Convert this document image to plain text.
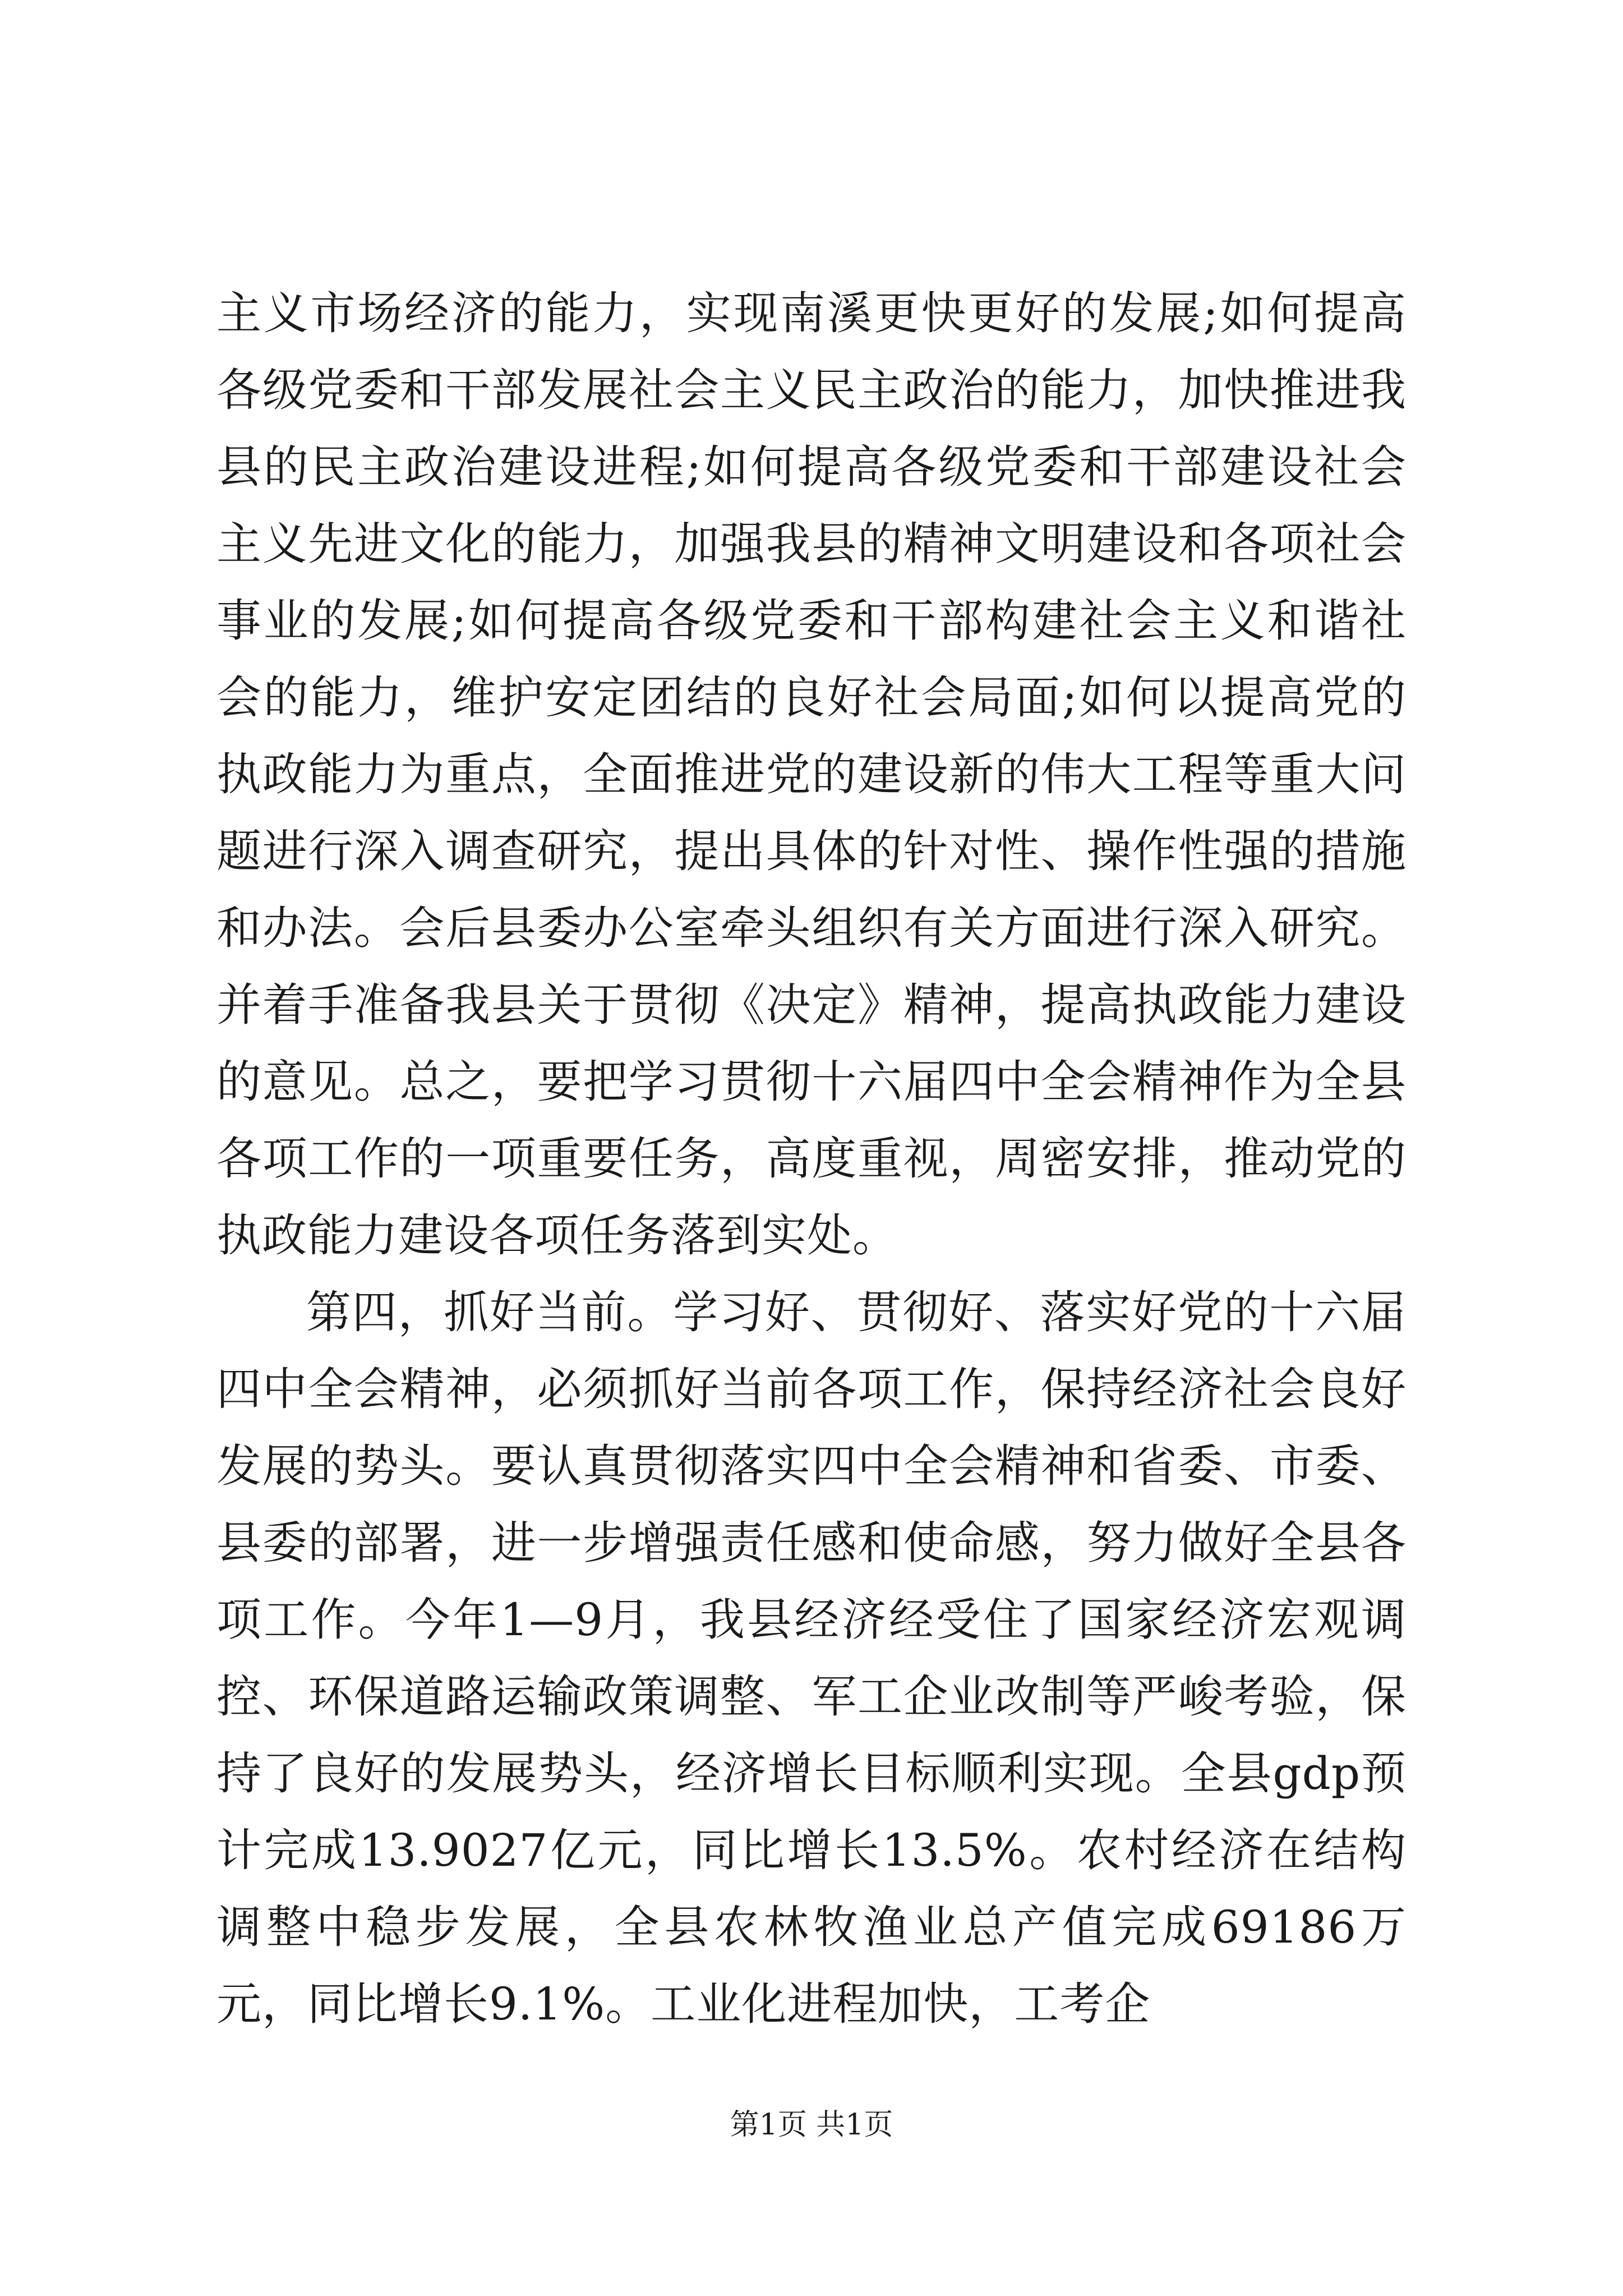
主义市场经济的能力，实现南溪更快更好的发展;如何提高各级党委和干部发展社会主义民主政治的能力，加快推进我县的民主政治建设进程;如何提高各级党委和干部建设社会主义先进文化的能力，加强我县的精神文明建设和各项社会事业的发展;如何提高各级党委和干部构建社会主义和谐社会的能力，维护安定团结的良好社会局面;如何以提高党的执政能力为重点，全面推进党的建设新的伟大工程等重大问题进行深入调查研究，提出具体的针对性、操作性强的措施和办法。会后县委办公室牵头组织有关方面进行深入研究。并着手准备我县关于贯彻《决定》精神，提高执政能力建设的意见。总之，要把学习贯彻十六届四中全会精神作为全县各项工作的一项重要任务，高度重视，周密安排，推动党的执政能力建设各项任务落到实处。

第四，抓好当前。学习好、贯彻好、落实好党的十六届四中全会精神，必须抓好当前各项工作，保持经济社会良好发展的势头。要认真贯彻落实四中全会精神和省委、市委、县委的部署，进一步增强责任感和使命感，努力做好全县各项工作。今年1—9月，我县经济经受住了国家经济宏观调控、环保道路运输政策调整、军工企业改制等严峻考验，保持了良好的发展势头，经济增长目标顺利实现。全县gdp预计完成13.9027亿元，同比增长13.5%。农村经济在结构调整中稳步发展，全县农林牧渔业总产值完成69186万元，同比增长9.1%。工业化进程加快，工考企

第1页 共1页
